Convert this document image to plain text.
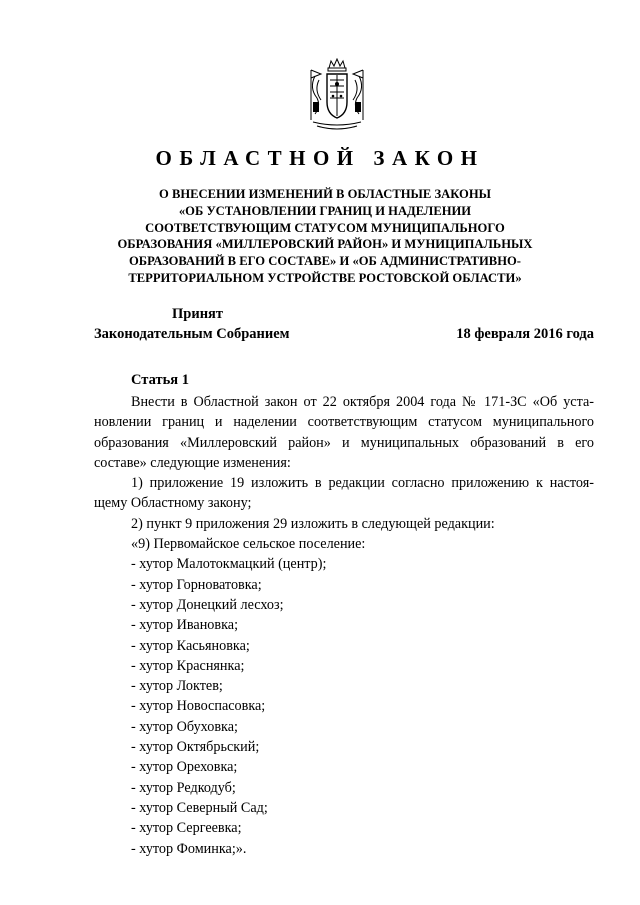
ОБЛАСТНОЙ ЗАКОН
О ВНЕСЕНИИ ИЗМЕНЕНИЙ В ОБЛАСТНЫЕ ЗАКОНЫ
«ОБ УСТАНОВЛЕНИИ ГРАНИЦ И НАДЕЛЕНИИ
СООТВЕТСТВУЮЩИМ СТАТУСОМ МУНИЦИПАЛЬНОГО
ОБРАЗОВАНИЯ «МИЛЛЕРОВСКИЙ РАЙОН» И МУНИЦИПАЛЬНЫХ
ОБРАЗОВАНИЙ В ЕГО СОСТАВЕ» И «ОБ АДМИНИСТРАТИВНО-
ТЕРРИТОРИАЛЬНОМ УСТРОЙСТВЕ РОСТОВСКОЙ ОБЛАСТИ»
Принят
Законодательным Собранием	18 февраля 2016 года
Статья 1
Внести в Областной закон от 22 октября 2004 года № 171-ЗС «Об уста-
новлении границ и наделении соответствующим статусом муниципального
образования «Миллеровский район» и муниципальных образований в его
составе» следующие изменения:
1) приложение 19 изложить в редакции согласно приложению к настоя-
щему Областному закону;
2) пункт 9 приложения 29 изложить в следующей редакции:
«9) Первомайское сельское поселение:
- хутор Малотокмацкий (центр);
- хутор Горноватовка;
- хутор Донецкий лесхоз;
- хутор Ивановка;
- хутор Касьяновка;
- хутор Краснянка;
- хутор Локтев;
- хутор Новоспасовка;
- хутор Обуховка;
- хутор Октябрьский;
- хутор Ореховка;
- хутор Редкодуб;
- хутор Северный Сад;
- хутор Сергеевка;
- хутор Фоминка;».
